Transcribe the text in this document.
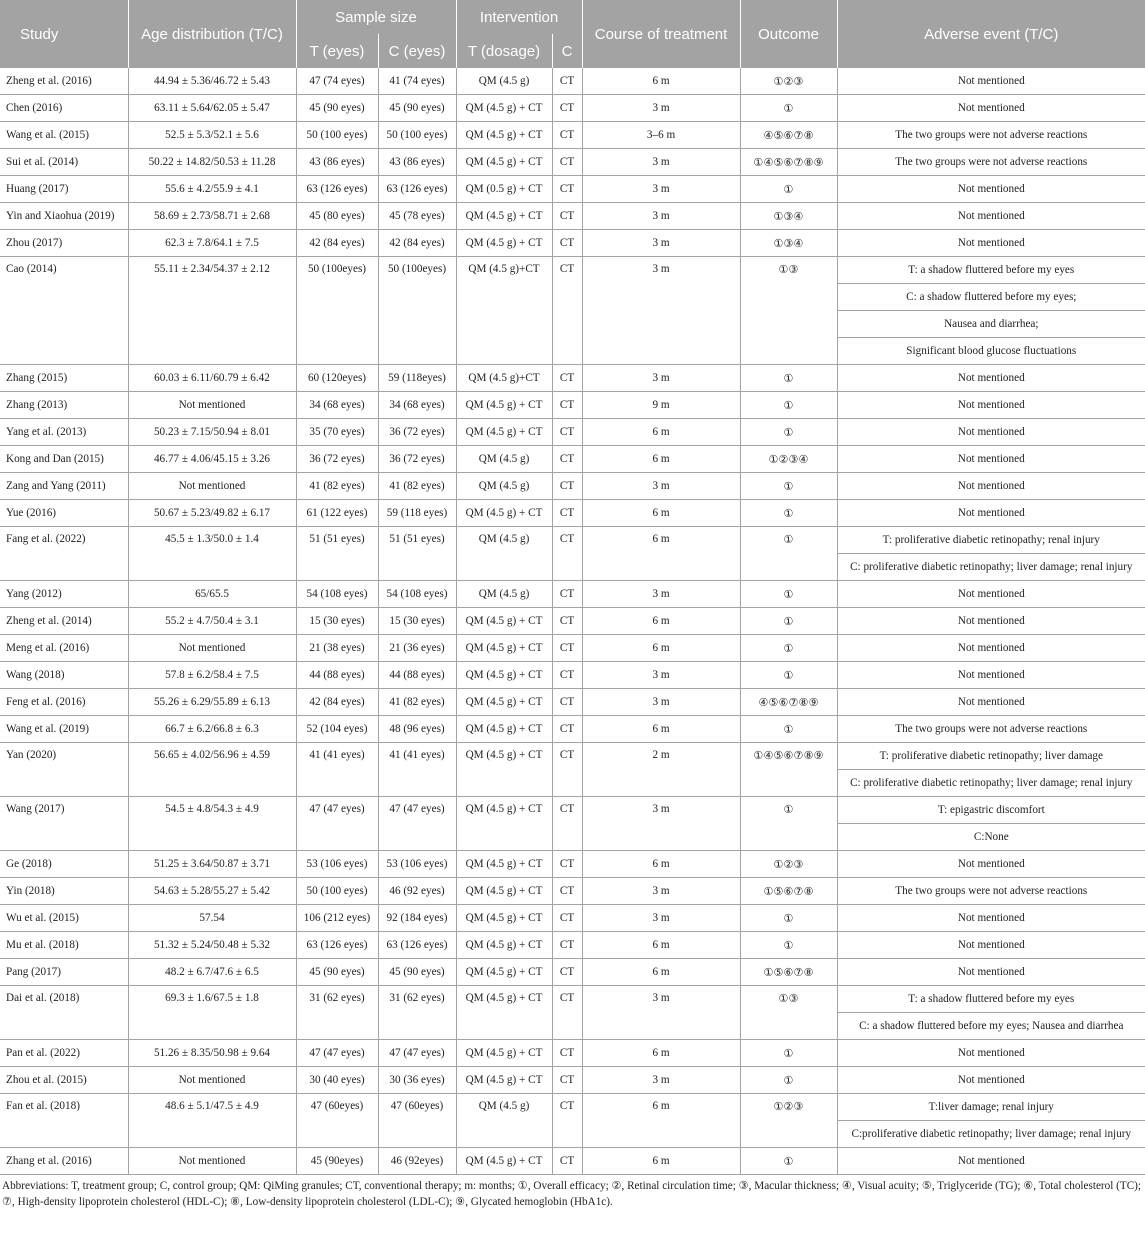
Study	Age distribution (T/C)	Sample size		Intervention		Course of treatment	Outcome	Adverse event (T/C)
		T (eyes)	C (eyes)	T (dosage)	C			
Zheng et al. (2016)	44.94 ± 5.36/46.72 ± 5.43	47 (74 eyes)	41 (74 eyes)	QM (4.5 g)	CT	6 m	①②③	Not mentioned
Chen (2016)	63.11 ± 5.64/62.05 ± 5.47	45 (90 eyes)	45 (90 eyes)	QM (4.5 g) + CT	CT	3 m	①	Not mentioned
Wang et al. (2015)	52.5 ± 5.3/52.1 ± 5.6	50 (100 eyes)	50 (100 eyes)	QM (4.5 g) + CT	CT	3–6 m	④⑤⑥⑦⑧	The two groups were not adverse reactions
Sui et al. (2014)	50.22 ± 14.82/50.53 ± 11.28	43 (86 eyes)	43 (86 eyes)	QM (4.5 g) + CT	CT	3 m	①④⑤⑥⑦⑧⑨	The two groups were not adverse reactions
Huang (2017)	55.6 ± 4.2/55.9 ± 4.1	63 (126 eyes)	63 (126 eyes)	QM (0.5 g) + CT	CT	3 m	①	Not mentioned
Yin and Xiaohua (2019)	58.69 ± 2.73/58.71 ± 2.68	45 (80 eyes)	45 (78 eyes)	QM (4.5 g) + CT	CT	3 m	①③④	Not mentioned
Zhou (2017)	62.3 ± 7.8/64.1 ± 7.5	42 (84 eyes)	42 (84 eyes)	QM (4.5 g) + CT	CT	3 m	①③④	Not mentioned
Cao (2014)	55.11 ± 2.34/54.37 ± 2.12	50 (100eyes)	50 (100eyes)	QM (4.5 g)+CT	CT	3 m	①③	T: a shadow fluttered before my eyes
								C: a shadow fluttered before my eyes;
								Nausea and diarrhea;
								Significant blood glucose fluctuations
Zhang (2015)	60.03 ± 6.11/60.79 ± 6.42	60 (120eyes)	59 (118eyes)	QM (4.5 g)+CT	CT	3 m	①	Not mentioned
Zhang (2013)	Not mentioned	34 (68 eyes)	34 (68 eyes)	QM (4.5 g) + CT	CT	9 m	①	Not mentioned
Yang et al. (2013)	50.23 ± 7.15/50.94 ± 8.01	35 (70 eyes)	36 (72 eyes)	QM (4.5 g) + CT	CT	6 m	①	Not mentioned
Kong and Dan (2015)	46.77 ± 4.06/45.15 ± 3.26	36 (72 eyes)	36 (72 eyes)	QM (4.5 g)	CT	6 m	①②③④	Not mentioned
Zang and Yang (2011)	Not mentioned	41 (82 eyes)	41 (82 eyes)	QM (4.5 g)	CT	3 m	①	Not mentioned
Yue (2016)	50.67 ± 5.23/49.82 ± 6.17	61 (122 eyes)	59 (118 eyes)	QM (4.5 g) + CT	CT	6 m	①	Not mentioned
Fang et al. (2022)	45.5 ± 1.3/50.0 ± 1.4	51 (51 eyes)	51 (51 eyes)	QM (4.5 g)	CT	6 m	①	T: proliferative diabetic retinopathy; renal injury
								C: proliferative diabetic retinopathy; liver damage; renal injury
Yang (2012)	65/65.5	54 (108 eyes)	54 (108 eyes)	QM (4.5 g)	CT	3 m	①	Not mentioned
Zheng et al. (2014)	55.2 ± 4.7/50.4 ± 3.1	15 (30 eyes)	15 (30 eyes)	QM (4.5 g) + CT	CT	6 m	①	Not mentioned
Meng et al. (2016)	Not mentioned	21 (38 eyes)	21 (36 eyes)	QM (4.5 g) + CT	CT	6 m	①	Not mentioned
Wang (2018)	57.8 ± 6.2/58.4 ± 7.5	44 (88 eyes)	44 (88 eyes)	QM (4.5 g) + CT	CT	3 m	①	Not mentioned
Feng et al. (2016)	55.26 ± 6.29/55.89 ± 6.13	42 (84 eyes)	41 (82 eyes)	QM (4.5 g) + CT	CT	3 m	④⑤⑥⑦⑧⑨	Not mentioned
Wang et al. (2019)	66.7 ± 6.2/66.8 ± 6.3	52 (104 eyes)	48 (96 eyes)	QM (4.5 g) + CT	CT	6 m	①	The two groups were not adverse reactions
Yan (2020)	56.65 ± 4.02/56.96 ± 4.59	41 (41 eyes)	41 (41 eyes)	QM (4.5 g) + CT	CT	2 m	①④⑤⑥⑦⑧⑨	T: proliferative diabetic retinopathy; liver damage
								C: proliferative diabetic retinopathy; liver damage; renal injury
Wang (2017)	54.5 ± 4.8/54.3 ± 4.9	47 (47 eyes)	47 (47 eyes)	QM (4.5 g) + CT	CT	3 m	①	T: epigastric discomfort
								C:None
Ge (2018)	51.25 ± 3.64/50.87 ± 3.71	53 (106 eyes)	53 (106 eyes)	QM (4.5 g) + CT	CT	6 m	①②③	Not mentioned
Yin (2018)	54.63 ± 5.28/55.27 ± 5.42	50 (100 eyes)	46 (92 eyes)	QM (4.5 g) + CT	CT	3 m	①⑤⑥⑦⑧	The two groups were not adverse reactions
Wu et al. (2015)	57.54	106 (212 eyes)	92 (184 eyes)	QM (4.5 g) + CT	CT	3 m	①	Not mentioned
Mu et al. (2018)	51.32 ± 5.24/50.48 ± 5.32	63 (126 eyes)	63 (126 eyes)	QM (4.5 g) + CT	CT	6 m	①	Not mentioned
Pang (2017)	48.2 ± 6.7/47.6 ± 6.5	45 (90 eyes)	45 (90 eyes)	QM (4.5 g) + CT	CT	6 m	①⑤⑥⑦⑧	Not mentioned
Dai et al. (2018)	69.3 ± 1.6/67.5 ± 1.8	31 (62 eyes)	31 (62 eyes)	QM (4.5 g) + CT	CT	3 m	①③	T: a shadow fluttered before my eyes
								C: a shadow fluttered before my eyes; Nausea and diarrhea
Pan et al. (2022)	51.26 ± 8.35/50.98 ± 9.64	47 (47 eyes)	47 (47 eyes)	QM (4.5 g) + CT	CT	6 m	①	Not mentioned
Zhou et al. (2015)	Not mentioned	30 (40 eyes)	30 (36 eyes)	QM (4.5 g) + CT	CT	3 m	①	Not mentioned
Fan et al. (2018)	48.6 ± 5.1/47.5 ± 4.9	47 (60eyes)	47 (60eyes)	QM (4.5 g)	CT	6 m	①②③	T:liver damage; renal injury
								C:proliferative diabetic retinopathy; liver damage; renal injury
Zhang et al. (2016)	Not mentioned	45 (90eyes)	46 (92eyes)	QM (4.5 g) + CT	CT	6 m	①	Not mentioned
Abbreviations: T, treatment group; C, control group; QM: QiMing granules; CT, conventional therapy; m: months; ①, Overall efficacy; ②, Retinal circulation time; ③, Macular thickness; ④, Visual acuity; ⑤, Triglyceride (TG); ⑥, Total cholesterol (TC); ⑦, High-density lipoprotein cholesterol (HDL-C); ⑧, Low-density lipoprotein cholesterol (LDL-C); ⑨, Glycated hemoglobin (HbA1c).
